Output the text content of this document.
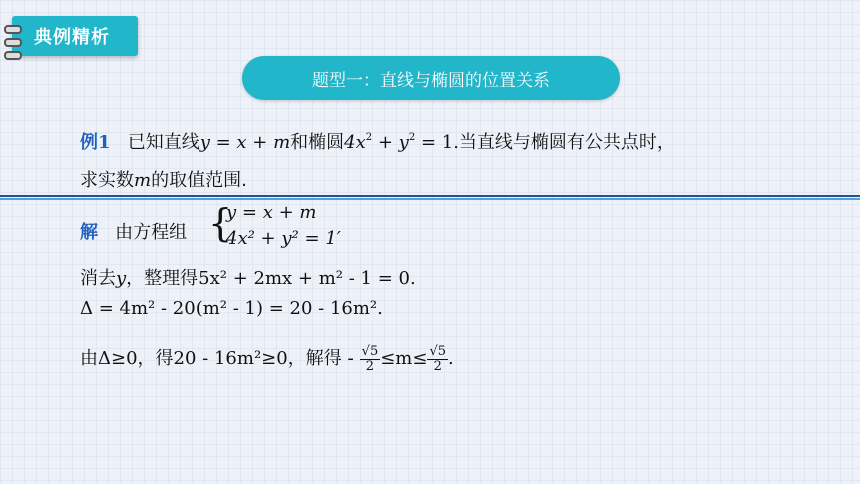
典例精析
题型一：直线与椭圆的位置关系
例1 已知直线y = x + m和椭圆$4x^2 + y^2 = 1$.当直线与椭圆有公共点时，
求实数m的取值范围.
解 由方程组 {
y = x + m
4x² + y² = 1′
消去y，整理得5x² + 2mx + m² - 1 = 0.
Δ = 4m² - 20(m² - 1) = 20 - 16m².
由Δ≥0，得20 - 16m²≥0，解得 - $\frac{√5}{2} \le m\le \frac{√5}{2}$ .
